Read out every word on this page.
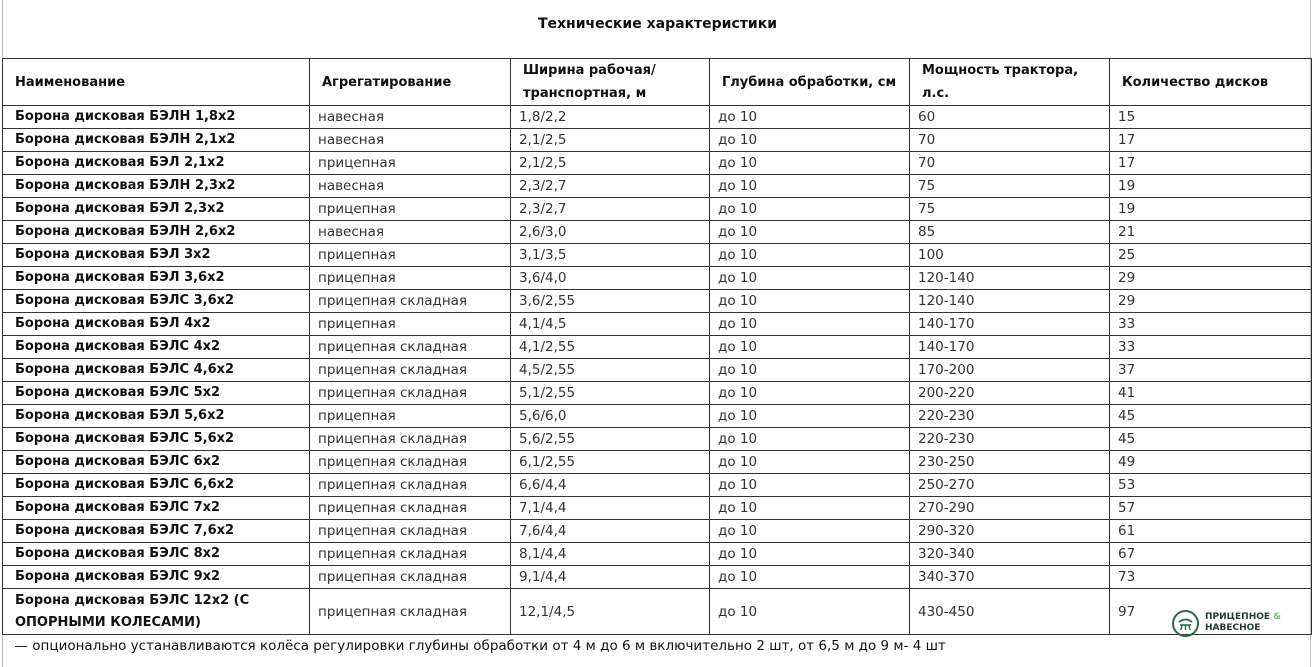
Технические характеристики
Наименование	Агрегатирование	Ширина рабочая/ транспортная, м	Глубина обработки, см	Мощность трактора, л.с.	Количество дисков
Борона дисковая БЭЛН 1,8х2	навесная	1,8/2,2	до 10	60	15
Борона дисковая БЭЛН 2,1х2	навесная	2,1/2,5	до 10	70	17
Борона дисковая БЭЛ 2,1х2	прицепная	2,1/2,5	до 10	70	17
Борона дисковая БЭЛН 2,3х2	навесная	2,3/2,7	до 10	75	19
Борона дисковая БЭЛ 2,3х2	прицепная	2,3/2,7	до 10	75	19
Борона дисковая БЭЛН 2,6х2	навесная	2,6/3,0	до 10	85	21
Борона дисковая БЭЛ 3х2	прицепная	3,1/3,5	до 10	100	25
Борона дисковая БЭЛ 3,6х2	прицепная	3,6/4,0	до 10	120-140	29
Борона дисковая БЭЛС 3,6х2	прицепная складная	3,6/2,55	до 10	120-140	29
Борона дисковая БЭЛ 4х2	прицепная	4,1/4,5	до 10	140-170	33
Борона дисковая БЭЛС 4х2	прицепная складная	4,1/2,55	до 10	140-170	33
Борона дисковая БЭЛС 4,6х2	прицепная складная	4,5/2,55	до 10	170-200	37
Борона дисковая БЭЛС 5х2	прицепная складная	5,1/2,55	до 10	200-220	41
Борона дисковая БЭЛ 5,6х2	прицепная	5,6/6,0	до 10	220-230	45
Борона дисковая БЭЛС 5,6х2	прицепная складная	5,6/2,55	до 10	220-230	45
Борона дисковая БЭЛС 6х2	прицепная складная	6,1/2,55	до 10	230-250	49
Борона дисковая БЭЛС 6,6х2	прицепная складная	6,6/4,4	до 10	250-270	53
Борона дисковая БЭЛС 7х2	прицепная складная	7,1/4,4	до 10	270-290	57
Борона дисковая БЭЛС 7,6х2	прицепная складная	7,6/4,4	до 10	290-320	61
Борона дисковая БЭЛС 8х2	прицепная складная	8,1/4,4	до 10	320-340	67
Борона дисковая БЭЛС 9х2	прицепная складная	9,1/4,4	до 10	340-370	73
Борона дисковая БЭЛС 12х2 (С ОПОРНЫМИ КОЛЕСАМИ)	прицепная складная	12,1/4,5	до 10	430-450	97
— опционально устанавливаются колёса регулировки глубины обработки от 4 м до 6 м включительно 2 шт, от 6,5 м до 9 м- 4 шт					
ПРИЦЕПНОЕ &
НАВЕСНОЕ
